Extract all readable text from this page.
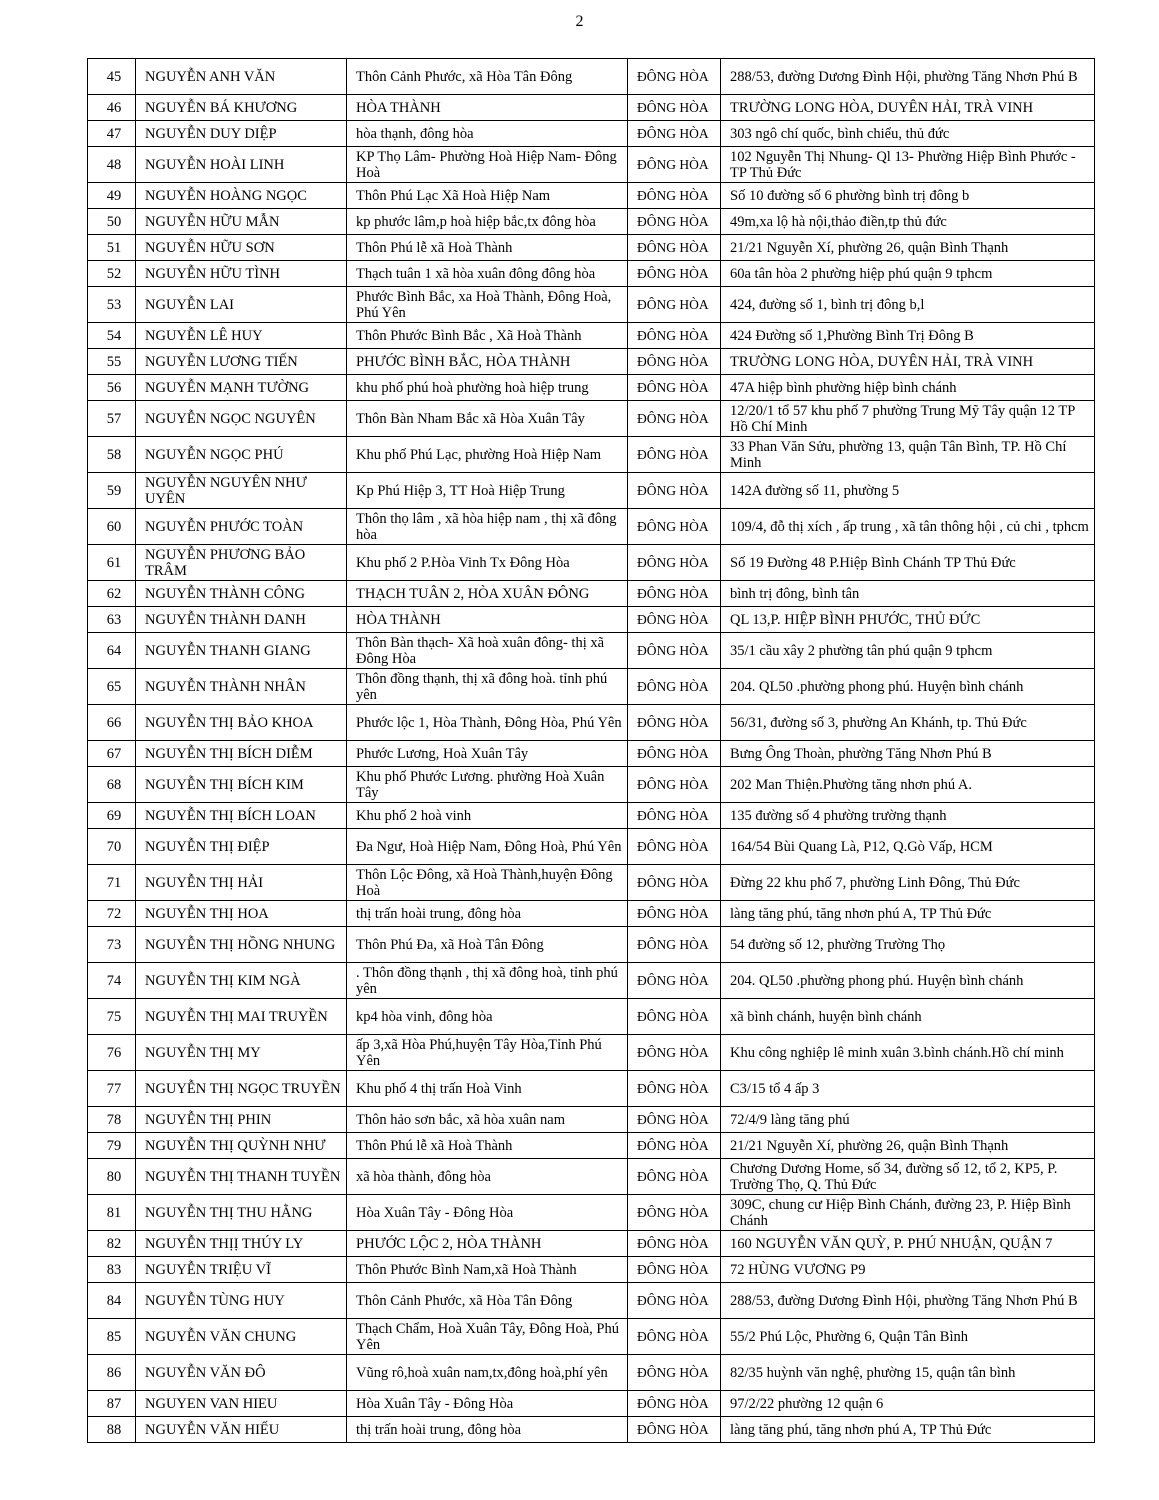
2
45	NGUYỄN ANH VĂN	Thôn Cảnh Phước, xã Hòa Tân Đông	ĐÔNG HÒA	288/53, đường Dương Đình Hội, phường Tăng Nhơn Phú B
46	NGUYỄN BÁ KHƯƠNG	HÒA THÀNH	ĐÔNG HÒA	TRƯỜNG LONG HÒA, DUYÊN HẢI, TRÀ VINH
47	NGUYỄN DUY DIỆP	hòa thạnh, đông hòa	ĐÔNG HÒA	303 ngô chí quốc, bình chiểu, thủ đức
48	NGUYỄN HOÀI LINH	KP Thọ Lâm- Phường Hoà Hiệp Nam- Đông Hoà	ĐÔNG HÒA	102 Nguyễn Thị Nhung- Ql 13- Phường Hiệp Bình Phước - TP Thủ Đức
49	NGUYỄN HOÀNG NGỌC	Thôn Phú Lạc Xã Hoà Hiệp Nam	ĐÔNG HÒA	Số 10 đường số 6 phường bình trị đông b
50	NGUYỄN HỮU MẪN	kp phước lâm,p hoà hiệp bắc,tx đông hòa	ĐÔNG HÒA	49m,xa lộ hà nội,thảo điền,tp thủ đức
51	NGUYỄN HỮU SƠN	Thôn Phú lễ xã Hoà Thành	ĐÔNG HÒA	21/21 Nguyễn Xí, phường 26, quận Bình Thạnh
52	NGUYỄN HỮU TÌNH	Thạch tuân 1 xã hòa xuân đông đông hòa	ĐÔNG HÒA	60a tân hòa 2 phường hiệp phú quận 9 tphcm
53	NGUYỄN LAI	Phước Bình Bắc, xa Hoà Thành, Đông Hoà, Phú Yên	ĐÔNG HÒA	424, đường số 1, bình trị đông b,l
54	NGUYỄN LÊ HUY	Thôn Phước Bình Bắc , Xã Hoà Thành	ĐÔNG HÒA	424 Đường số 1,Phường Bình Trị Đông B
55	NGUYỄN LƯƠNG TIẾN	PHƯỚC BÌNH BẮC, HÒA THÀNH	ĐÔNG HÒA	TRƯỜNG LONG HÒA, DUYÊN HẢI, TRÀ VINH
56	NGUYỄN MẠNH TƯỜNG	khu phố phú hoà phường hoà hiệp trung	ĐÔNG HÒA	47A hiệp bình phường hiệp bình chánh
57	NGUYỄN NGỌC NGUYÊN	Thôn Bàn Nham Bắc xã Hòa Xuân Tây	ĐÔNG HÒA	12/20/1 tổ 57 khu phố 7 phường Trung Mỹ Tây quận 12 TP Hồ Chí Minh
58	NGUYỄN NGỌC PHÚ	Khu phố Phú Lạc, phường Hoà Hiệp Nam	ĐÔNG HÒA	33 Phan Văn Sửu, phường 13, quận Tân Bình, TP. Hồ Chí Minh
59	NGUYỄN NGUYÊN NHƯ UYÊN	Kp Phú Hiệp 3, TT Hoà Hiệp Trung	ĐÔNG HÒA	142A đường số 11, phường 5
60	NGUYỄN PHƯỚC TOÀN	Thôn thọ lâm , xã hòa hiệp nam , thị xã đông hòa	ĐÔNG HÒA	109/4, đỗ thị xích , ấp trung , xã tân thông hội , củ chi , tphcm
61	NGUYỄN PHƯƠNG BẢO TRÂM	Khu phố 2 P.Hòa Vinh Tx Đông Hòa	ĐÔNG HÒA	Số 19 Đường 48 P.Hiệp Bình Chánh TP Thủ Đức
62	NGUYỄN THÀNH CÔNG	THẠCH TUÂN 2, HÒA XUÂN ĐÔNG	ĐÔNG HÒA	bình trị đông, bình tân
63	NGUYỄN THÀNH DANH	HÒA THÀNH	ĐÔNG HÒA	QL 13,P. HIỆP BÌNH PHƯỚC, THỦ ĐỨC
64	NGUYỄN THANH GIANG	Thôn Bàn thạch- Xã hoà xuân đông- thị xã Đông Hòa	ĐÔNG HÒA	35/1 cầu xây 2 phường tân phú quận 9 tphcm
65	NGUYỄN THÀNH NHÂN	Thôn đồng thạnh, thị xã đông hoà. tỉnh phú yên	ĐÔNG HÒA	204. QL50 .phường phong phú. Huyện bình chánh
66	NGUYỄN THỊ BẢO KHOA	Phước lộc 1, Hòa Thành, Đông Hòa, Phú Yên	ĐÔNG HÒA	56/31, đường số 3, phường An Khánh, tp. Thủ Đức
67	NGUYỄN THỊ BÍCH DIỄM	Phước Lương, Hoà Xuân Tây	ĐÔNG HÒA	Bưng Ông Thoàn, phường Tăng Nhơn Phú B
68	NGUYỄN THỊ BÍCH KIM	Khu phố Phước Lương. phường Hoà Xuân Tây	ĐÔNG HÒA	202 Man Thiện.Phường tăng nhơn phú A.
69	NGUYỄN THỊ BÍCH LOAN	Khu phố 2 hoà vinh	ĐÔNG HÒA	135 đường số 4 phường trường thạnh
70	NGUYỄN THỊ ĐIỆP	Đa Ngư, Hoà Hiệp Nam, Đông Hoà, Phú Yên	ĐÔNG HÒA	164/54 Bùi Quang Là, P12, Q.Gò Vấp, HCM
71	NGUYỄN THỊ HẢI	Thôn Lộc Đông, xã Hoà Thành,huyện Đông Hoà	ĐÔNG HÒA	Đừng 22 khu phố 7, phường Linh Đông, Thủ Đức
72	NGUYỄN THỊ HOA	thị trấn hoài trung, đông hòa	ĐÔNG HÒA	làng tăng phú, tăng nhơn phú A, TP Thủ Đức
73	NGUYỄN THỊ HỒNG NHUNG	Thôn Phú Đa, xã Hoà Tân Đông	ĐÔNG HÒA	54 đường số 12, phường Trường Thọ
74	NGUYỄN THỊ KIM NGÀ	. Thôn đồng thạnh , thị xã đông hoà, tỉnh phú yên	ĐÔNG HÒA	204. QL50 .phường phong phú. Huyện bình chánh
75	NGUYỄN THỊ MAI TRUYỀN	kp4 hòa vinh, đông hòa	ĐÔNG HÒA	xã bình chánh, huyện bình chánh
76	NGUYỄN THỊ MY	ấp 3,xã Hòa Phú,huyện Tây Hòa,Tỉnh Phú Yên	ĐÔNG HÒA	Khu công nghiệp lê minh xuân 3.bình chánh.Hồ chí minh
77	NGUYỄN THỊ NGỌC TRUYỀN	Khu phố 4 thị trấn Hoà Vinh	ĐÔNG HÒA	C3/15 tổ 4 ấp 3
78	NGUYỄN THỊ PHIN	Thôn hảo sơn bắc, xã hòa xuân nam	ĐÔNG HÒA	72/4/9 làng tăng phú
79	NGUYỄN THỊ QUỲNH NHƯ	Thôn Phú lễ xã Hoà Thành	ĐÔNG HÒA	21/21 Nguyễn Xí, phường 26, quận Bình Thạnh
80	NGUYỄN THỊ THANH TUYỀN	xã hòa thành, đông hòa	ĐÔNG HÒA	Chương Dương Home, số 34, đường số 12, tổ 2, KP5, P. Trường Thọ, Q. Thủ Đức
81	NGUYỄN THỊ THU HẰNG	Hòa Xuân Tây - Đông Hòa	ĐÔNG HÒA	309C, chung cư Hiệp Bình Chánh, đường 23, P. Hiệp Bình Chánh
82	NGUYỄN THỊỊ THÚY LY	PHƯỚC LỘC 2, HÒA THÀNH	ĐÔNG HÒA	160 NGUYỄN VĂN QUỲ, P. PHÚ NHUẬN, QUẬN 7
83	NGUYỄN TRIỆU VĨ	Thôn Phước Bình Nam,xã Hoà Thành	ĐÔNG HÒA	72 HÙNG VƯƠNG P9
84	NGUYỄN TÙNG HUY	Thôn Cảnh Phước, xã Hòa Tân Đông	ĐÔNG HÒA	288/53, đường Dương Đình Hội, phường Tăng Nhơn Phú B
85	NGUYỄN VĂN CHUNG	Thạch Chẩm, Hoà Xuân Tây, Đông Hoà, Phú Yên	ĐÔNG HÒA	55/2 Phú Lộc, Phường 6, Quận Tân Bình
86	NGUYỄN VĂN ĐÔ	Vũng rô,hoà xuân nam,tx,đông hoà,phí yên	ĐÔNG HÒA	82/35 huỳnh văn nghệ, phường 15, quận tân bình
87	NGUYEN VAN HIEU	Hòa Xuân Tây - Đông Hòa	ĐÔNG HÒA	97/2/22 phường 12 quận 6
88	NGUYỄN VĂN HIẾU	thị trấn hoài trung, đông hòa	ĐÔNG HÒA	làng tăng phú, tăng nhơn phú A, TP Thủ Đức
